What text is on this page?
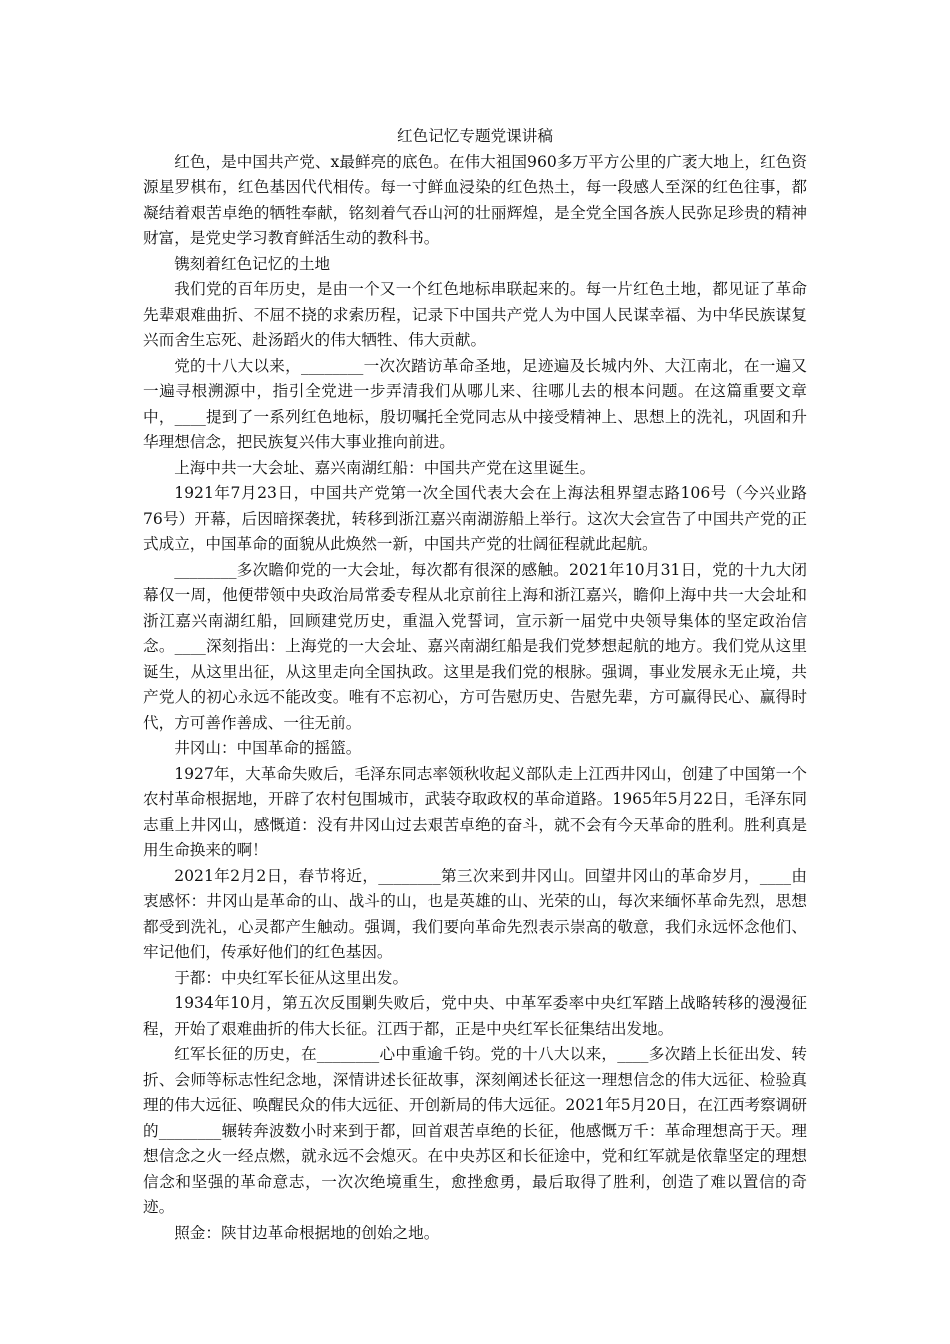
红色记忆专题党课讲稿

红色，是中国共产党、x最鲜亮的底色。在伟大祖国960多万平方公里的广袤大地上，红色资源星罗棋布，红色基因代代相传。每一寸鲜血浸染的红色热土，每一段感人至深的红色往事，都凝结着艰苦卓绝的牺牲奉献，铭刻着气吞山河的壮丽辉煌，是全党全国各族人民弥足珍贵的精神财富，是党史学习教育鲜活生动的教科书。

镌刻着红色记忆的土地

我们党的百年历史，是由一个又一个红色地标串联起来的。每一片红色土地，都见证了革命先辈艰难曲折、不屈不挠的求索历程，记录下中国共产党人为中国人民谋幸福、为中华民族谋复兴而舍生忘死、赴汤蹈火的伟大牺牲、伟大贡献。

党的十八大以来，________一次次踏访革命圣地，足迹遍及长城内外、大江南北，在一遍又一遍寻根溯源中，指引全党进一步弄清我们从哪儿来、往哪儿去的根本问题。在这篇重要文章中，____提到了一系列红色地标，殷切嘱托全党同志从中接受精神上、思想上的洗礼，巩固和升华理想信念，把民族复兴伟大事业推向前进。

上海中共一大会址、嘉兴南湖红船：中国共产党在这里诞生。

1921年7月23日，中国共产党第一次全国代表大会在上海法租界望志路106号（今兴业路76号）开幕，后因暗探袭扰，转移到浙江嘉兴南湖游船上举行。这次大会宣告了中国共产党的正式成立，中国革命的面貌从此焕然一新，中国共产党的壮阔征程就此起航。

________多次瞻仰党的一大会址，每次都有很深的感触。2021年10月31日，党的十九大闭幕仅一周，他便带领中央政治局常委专程从北京前往上海和浙江嘉兴，瞻仰上海中共一大会址和浙江嘉兴南湖红船，回顾建党历史，重温入党誓词，宣示新一届党中央领导集体的坚定政治信念。____深刻指出：上海党的一大会址、嘉兴南湖红船是我们党梦想起航的地方。我们党从这里诞生，从这里出征，从这里走向全国执政。这里是我们党的根脉。强调，事业发展永无止境，共产党人的初心永远不能改变。唯有不忘初心，方可告慰历史、告慰先辈，方可赢得民心、赢得时代，方可善作善成、一往无前。

井冈山：中国革命的摇篮。

1927年，大革命失败后，毛泽东同志率领秋收起义部队走上江西井冈山，创建了中国第一个农村革命根据地，开辟了农村包围城市，武装夺取政权的革命道路。1965年5月22日，毛泽东同志重上井冈山，感慨道：没有井冈山过去艰苦卓绝的奋斗，就不会有今天革命的胜利。胜利真是用生命换来的啊！

2021年2月2日，春节将近，________第三次来到井冈山。回望井冈山的革命岁月，____由衷感怀：井冈山是革命的山、战斗的山，也是英雄的山、光荣的山，每次来缅怀革命先烈，思想都受到洗礼，心灵都产生触动。强调，我们要向革命先烈表示崇高的敬意，我们永远怀念他们、牢记他们，传承好他们的红色基因。

于都：中央红军长征从这里出发。

1934年10月，第五次反围剿失败后，党中央、中革军委率中央红军踏上战略转移的漫漫征程，开始了艰难曲折的伟大长征。江西于都，正是中央红军长征集结出发地。

红军长征的历史，在________心中重逾千钧。党的十八大以来，____多次踏上长征出发、转折、会师等标志性纪念地，深情讲述长征故事，深刻阐述长征这一理想信念的伟大远征、检验真理的伟大远征、唤醒民众的伟大远征、开创新局的伟大远征。2021年5月20日，在江西考察调研的________辗转奔波数小时来到于都，回首艰苦卓绝的长征，他感慨万千：革命理想高于天。理想信念之火一经点燃，就永远不会熄灭。在中央苏区和长征途中，党和红军就是依靠坚定的理想信念和坚强的革命意志，一次次绝境重生，愈挫愈勇，最后取得了胜利，创造了难以置信的奇迹。

照金：陕甘边革命根据地的创始之地。
